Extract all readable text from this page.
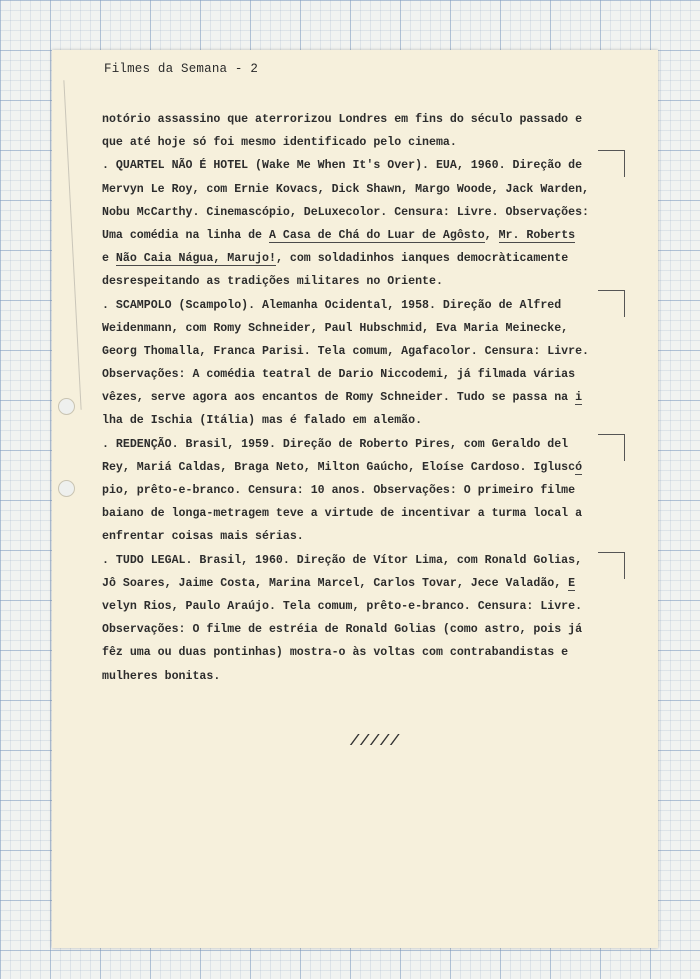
Filmes da Semana - 2
notório assassino que aterrorizou Londres em fins do século passado e
que até hoje só foi mesmo identificado pelo cinema.
. QUARTEL NÃO É HOTEL (Wake Me When It's Over). EUA, 1960. Direção de
Mervyn Le Roy, com Ernie Kovacs, Dick Shawn, Margo Woode, Jack Warden,
Nobu McCarthy. Cinemascópio, DeLuxecolor. Censura: Livre. Observações:
Uma comédia na linha de A Casa de Chá do Luar de Agôsto, Mr. Roberts
e Não Caia Nágua, Marujo!, com soldadinhos ianques democràticamente
desrespeitando as tradições militares no Oriente.
. SCAMPOLO (Scampolo). Alemanha Ocidental, 1958. Direção de Alfred
Weidenmann, com Romy Schneider, Paul Hubschmid, Eva Maria Meinecke,
Georg Thomalla, Franca Parisi. Tela comum, Agafacolor. Censura: Livre.
Observações: A comédia teatral de Dario Niccodemi, já filmada várias
vêzes, serve agora aos encantos de Romy Schneider. Tudo se passa na i
lha de Ischia (Itália) mas é falado em alemão.
. REDENÇÃO. Brasil, 1959. Direção de Roberto Pires, com Geraldo del
Rey, Mariá Caldas, Braga Neto, Milton Gaúcho, Eloíse Cardoso. Igluscó
pio, prêto-e-branco. Censura: 10 anos. Observações: O primeiro filme
baiano de longa-metragem teve a virtude de incentivar a turma local a
enfrentar coisas mais sérias.
. TUDO LEGAL. Brasil, 1960. Direção de Vítor Lima, com Ronald Golias,
Jô Soares, Jaime Costa, Marina Marcel, Carlos Tovar, Jece Valadão, E
velyn Rios, Paulo Araújo. Tela comum, prêto-e-branco. Censura: Livre.
Observações: O filme de estréia de Ronald Golias (como astro, pois já
fêz uma ou duas pontinhas) mostra-o às voltas com contrabandistas e
mulheres bonitas.
/////
